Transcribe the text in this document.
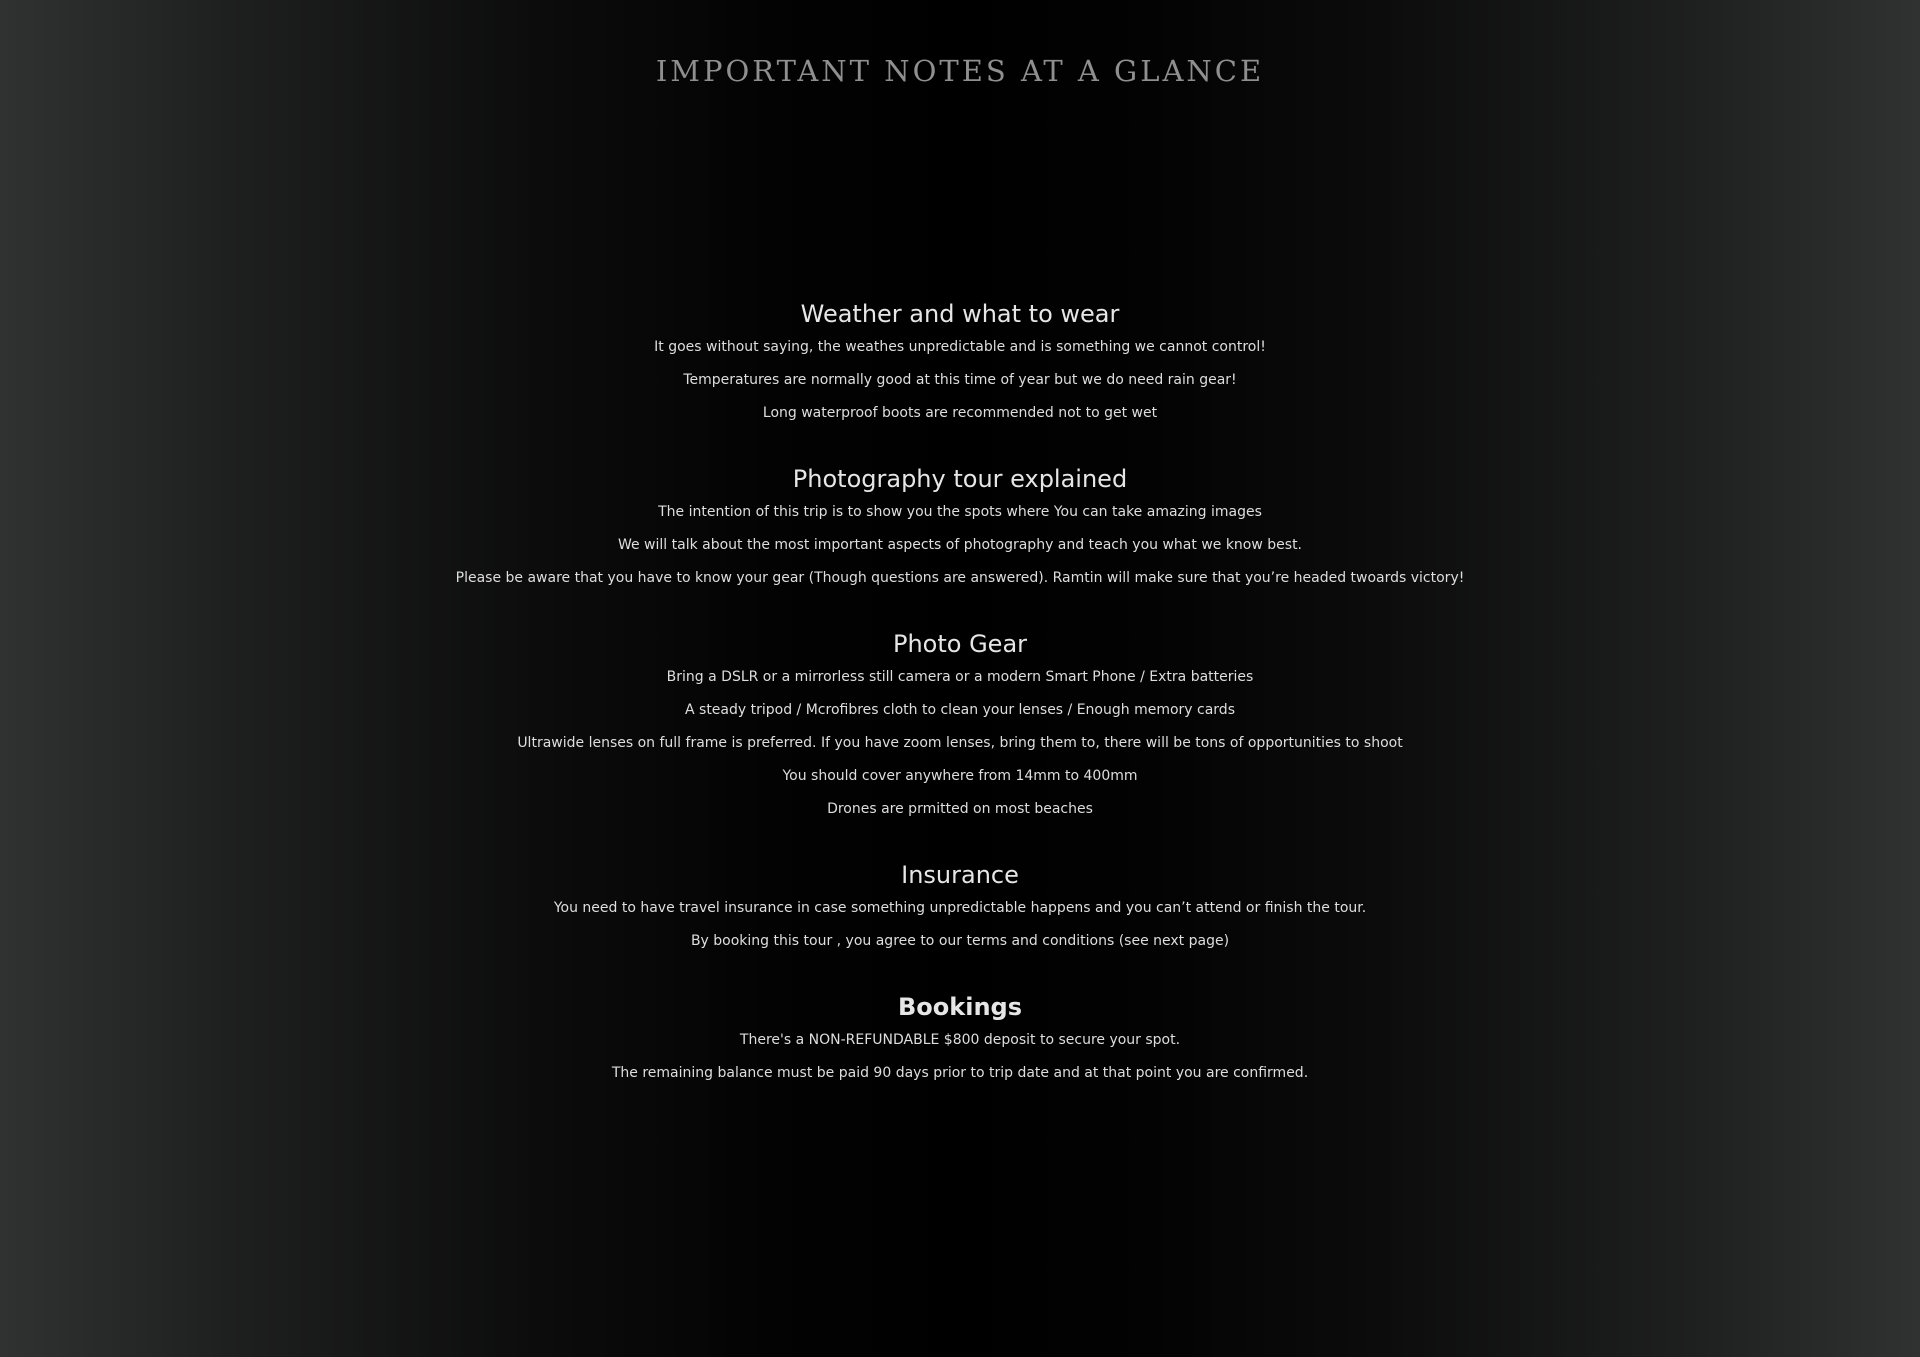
IMPORTANT NOTES AT A GLANCE
Weather and what to wear
It goes without saying, the weathes unpredictable and is something we cannot control!
Temperatures are normally good at this time of year but we do need rain gear!
Long waterproof boots are recommended not to get wet
Photography tour explained
The intention of this trip is to show you the spots where You can take amazing images
We will talk about the most important aspects of photography and teach you what we know best.
Please be aware that you have to know your gear (Though questions are answered). Ramtin will make sure that you’re headed twoards victory!
Photo Gear
Bring a DSLR or a mirrorless still camera or a modern Smart Phone / Extra batteries
A steady tripod / Mcrofibres cloth to clean your lenses / Enough memory cards
Ultrawide lenses on full frame is preferred. If you have zoom lenses, bring them to, there will be tons of opportunities to shoot
You should cover anywhere from 14mm to 400mm
Drones are prmitted on most beaches
Insurance
You need to have travel insurance in case something unpredictable happens and you can’t attend or finish the tour.
By booking this tour , you agree to our terms and conditions (see next page)
Bookings
There's a NON-REFUNDABLE $800 deposit to secure your spot.
The remaining balance must be paid 90 days prior to trip date and at that point you are confirmed.
